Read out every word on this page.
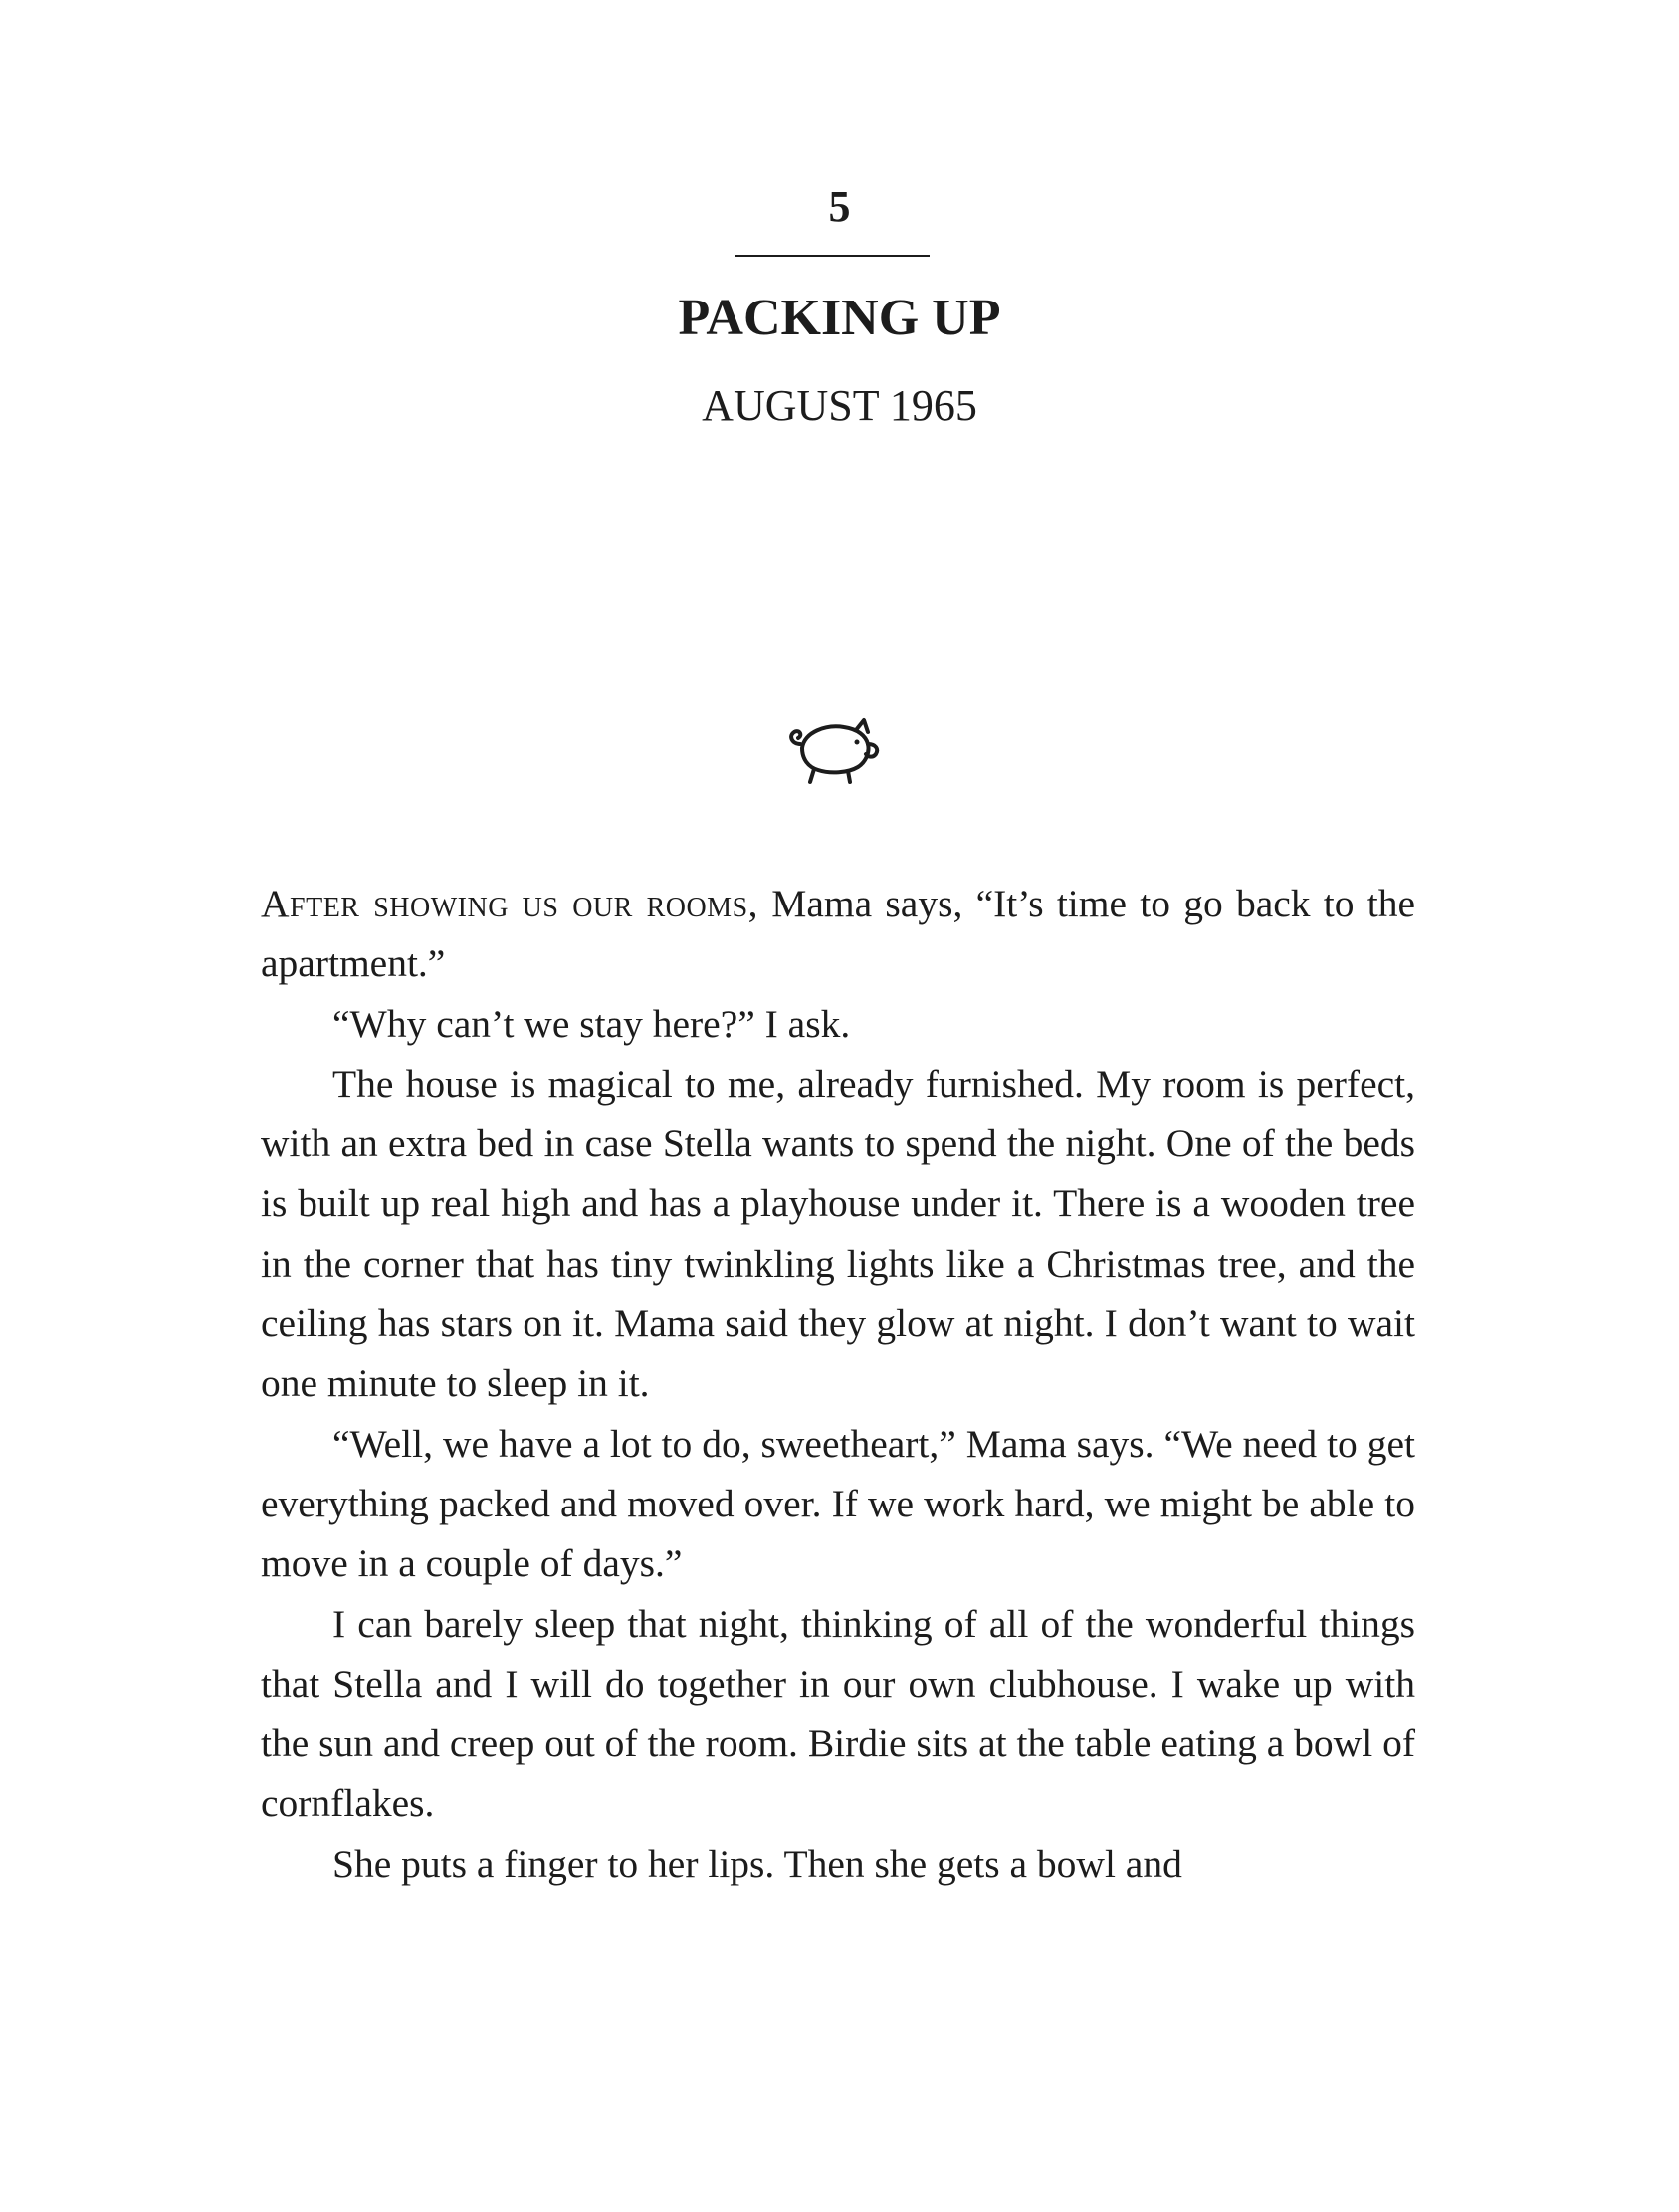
5
PACKING UP
AUGUST 1965

After showing us our rooms, Mama says, “It’s time to go back to the apartment.”

“Why can’t we stay here?” I ask.

The house is magical to me, already furnished. My room is perfect, with an extra bed in case Stella wants to spend the night. One of the beds is built up real high and has a playhouse under it. There is a wooden tree in the corner that has tiny twinkling lights like a Christmas tree, and the ceiling has stars on it. Mama said they glow at night. I don’t want to wait one minute to sleep in it.

“Well, we have a lot to do, sweetheart,” Mama says. “We need to get everything packed and moved over. If we work hard, we might be able to move in a couple of days.”

I can barely sleep that night, thinking of all of the wonderful things that Stella and I will do together in our own clubhouse. I wake up with the sun and creep out of the room. Birdie sits at the table eating a bowl of cornflakes.

She puts a finger to her lips. Then she gets a bowl and
